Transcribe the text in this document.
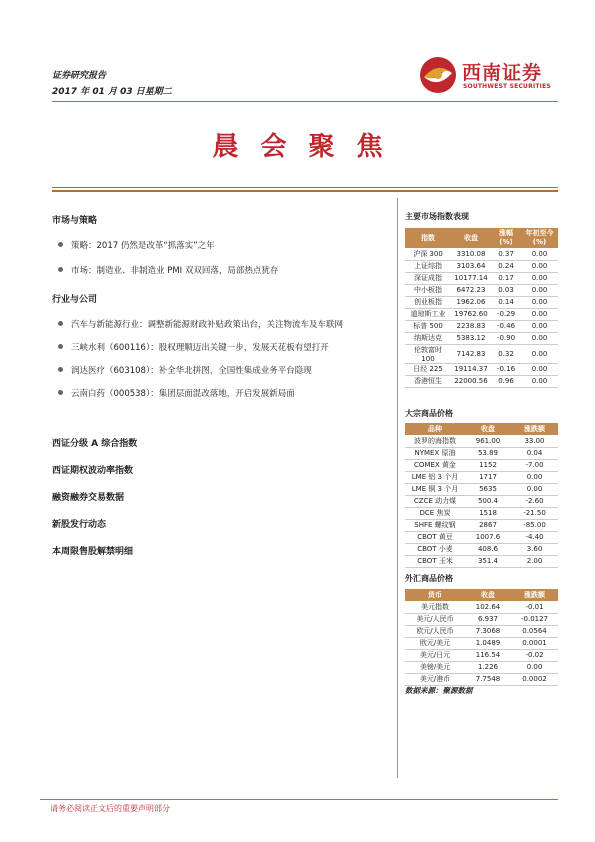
证券研究报告
2017 年 01 月 03 日星期二
西南证券
SOUTHWEST SECURITIES
晨会聚焦
市场与策略
策略：2017 仍然是改革“抓落实”之年
市场：制造业、非制造业 PMI 双双回落，局部热点犹存
行业与公司
汽车与新能源行业：调整新能源财政补贴政策出台，关注物流车及车联网
三峡水利（600116）：股权理顺迈出关键一步，发展天花板有望打开
润达医疗（603108）：补全华北拼图，全国性集成业务平台隐现
云南白药（000538）：集团层面混改落地，开启发展新局面
西证分级 A 综合指数
西证期权波动率指数
融资融券交易数据
新股发行动态
本周限售股解禁明细
主要市场指数表现
指数	收盘	涨幅(%)	年初至今(%)
沪深 300	3310.08	0.37	0.00
上证综指	3103.64	0.24	0.00
深证成指	10177.14	0.17	0.00
中小板指	6472.23	0.03	0.00
创业板指	1962.06	0.14	0.00
道琼斯工业	19762.60	-0.29	0.00
标普 500	2238.83	-0.46	0.00
纳斯达克	5383.12	-0.90	0.00
伦敦富时 100	7142.83	0.32	0.00
日经 225	19114.37	-0.16	0.00
香港恒生	22000.56	0.96	0.00
大宗商品价格
品种	收盘	涨跌额
波罗的海指数	961.00	33.00
NYMEX 原油	53.89	0.04
COMEX 黄金	1152	-7.00
LME 铝 3 个月	1717	0.00
LME 铜 3 个月	5635	0.00
CZCE 动力煤	500.4	-2.60
DCE 焦炭	1518	-21.50
SHFE 螺纹钢	2867	-85.00
CBOT 黄豆	1007.6	-4.40
CBOT 小麦	408.6	3.60
CBOT 玉米	351.4	2.00
外汇商品价格
货币	收盘	涨跌额
美元指数	102.64	-0.01
美元/人民币	6.937	-0.0127
欧元/人民币	7.3068	0.0564
欧元/美元	1.0489	0.0001
美元/日元	116.54	-0.02
美镑/美元	1.226	0.00
美元/港币	7.7548	0.0002
数据来源：聚源数据
请务必阅读正文后的重要声明部分
